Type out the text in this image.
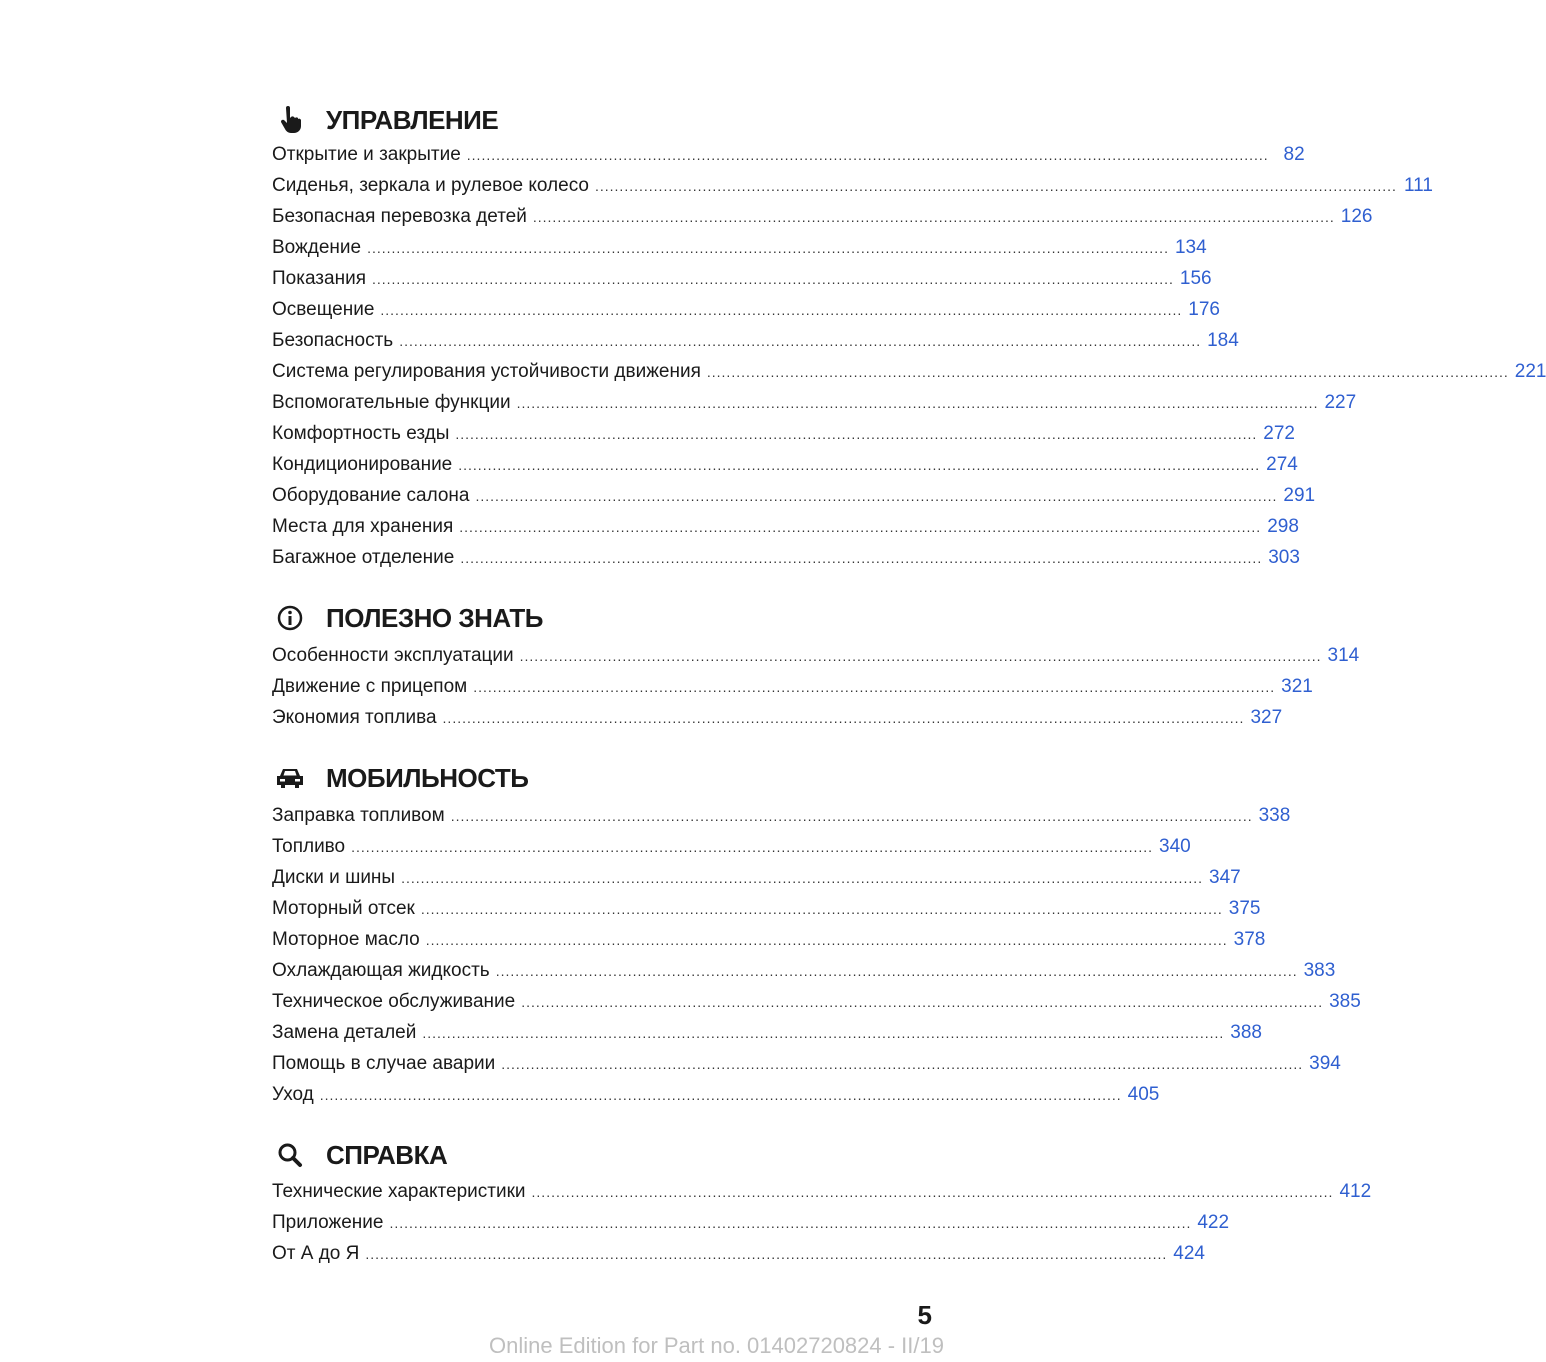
УПРАВЛЕНИЕ
Открытие и закрытие .................................................................................................................................................................... 82
Сиденья, зеркала и рулевое колесо .................................................................................................................................................................... 111
Безопасная перевозка детей .................................................................................................................................................................... 126
Вождение .................................................................................................................................................................... 134
Показания .................................................................................................................................................................... 156
Освещение .................................................................................................................................................................... 176
Безопасность .................................................................................................................................................................... 184
Система регулирования устойчивости движения .................................................................................................................................................................... 221
Вспомогательные функции .................................................................................................................................................................... 227
Комфортность езды .................................................................................................................................................................... 272
Кондиционирование .................................................................................................................................................................... 274
Оборудование салона .................................................................................................................................................................... 291
Места для хранения .................................................................................................................................................................... 298
Багажное отделение .................................................................................................................................................................... 303
ПОЛЕЗНО ЗНАТЬ
Особенности эксплуатации .................................................................................................................................................................... 314
Движение с прицепом .................................................................................................................................................................... 321
Экономия топлива .................................................................................................................................................................... 327
МОБИЛЬНОСТЬ
Заправка топливом .................................................................................................................................................................... 338
Топливо .................................................................................................................................................................... 340
Диски и шины .................................................................................................................................................................... 347
Моторный отсек .................................................................................................................................................................... 375
Моторное масло .................................................................................................................................................................... 378
Охлаждающая жидкость .................................................................................................................................................................... 383
Техническое обслуживание .................................................................................................................................................................... 385
Замена деталей .................................................................................................................................................................... 388
Помощь в случае аварии .................................................................................................................................................................... 394
Уход .................................................................................................................................................................... 405
СПРАВКА
Технические характеристики .................................................................................................................................................................... 412
Приложение .................................................................................................................................................................... 422
От А до Я .................................................................................................................................................................... 424
5
Online Edition for Part no. 01402720824 - II/19
